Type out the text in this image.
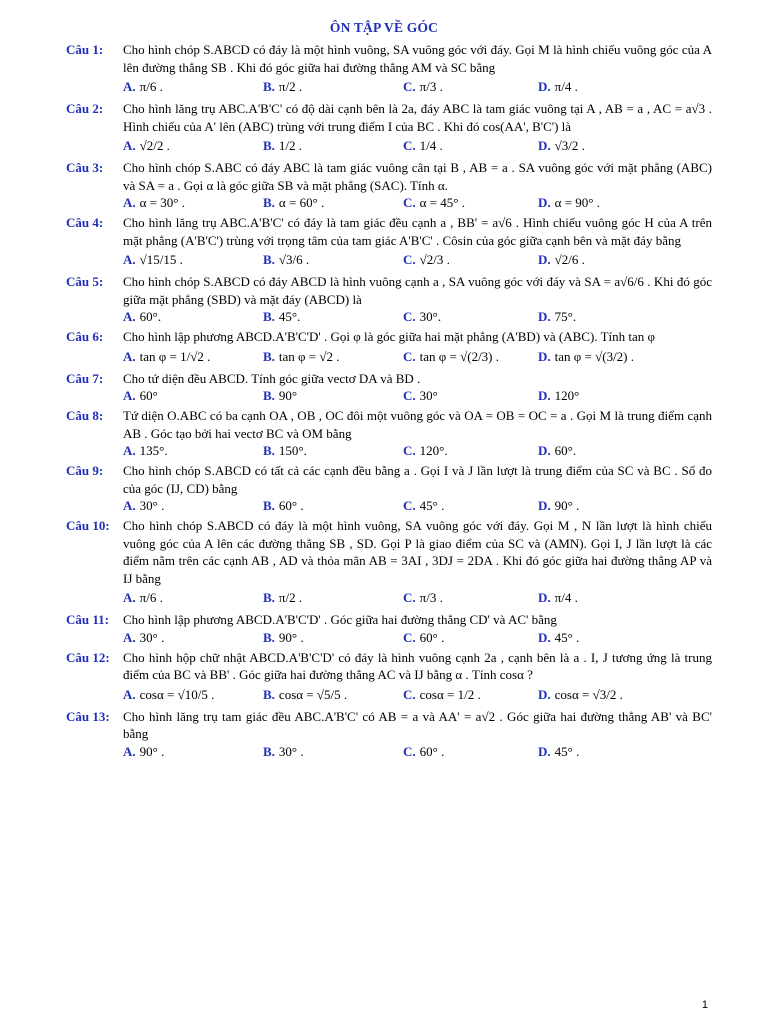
ÔN TẬP VỀ GÓC
Câu 1: Cho hình chóp S.ABCD có đáy là một hình vuông, SA vuông góc với đáy. Gọi M là hình chiếu vuông góc của A lên đường thẳng SB . Khi đó góc giữa hai đường thẳng AM và SC bằng
A. π/6 .	B. π/2 .	C. π/3 .	D. π/4 .
Câu 2: Cho hình lăng trụ ABC.A'B'C' có độ dài cạnh bên là 2a, đáy ABC là tam giác vuông tại A , AB = a , AC = a√3 . Hình chiếu của A' lên (ABC) trùng với trung điểm I của BC . Khi đó cos(AA', B'C') là
A. √2/2 .	B. 1/2 .	C. 1/4 .	D. √3/2 .
Câu 3: Cho hình chóp S.ABC có đáy ABC là tam giác vuông cân tại B , AB = a . SA vuông góc với mặt phẳng (ABC) và SA = a . Gọi α là góc giữa SB và mặt phẳng (SAC). Tính α.
A. α = 30° .	B. α = 60° .	C. α = 45° .	D. α = 90° .
Câu 4: Cho hình lăng trụ ABC.A'B'C' có đáy là tam giác đều cạnh a , BB' = a√6 . Hình chiếu vuông góc H của A trên mặt phẳng (A'B'C') trùng với trọng tâm của tam giác A'B'C' . Côsin của góc giữa cạnh bên và mặt đáy bằng
A. √15/15 .	B. √3/6 .	C. √2/3 .	D. √2/6 .
Câu 5: Cho hình chóp S.ABCD có đáy ABCD là hình vuông cạnh a , SA vuông góc với đáy và SA = a√6/6 . Khi đó góc giữa mặt phẳng (SBD) và mặt đáy (ABCD) là
A. 60°.	B. 45°.	C. 30°.	D. 75°.
Câu 6: Cho hình lập phương ABCD.A'B'C'D' . Gọi φ là góc giữa hai mặt phẳng (A'BD) và (ABC). Tính tan φ
A. tan φ = 1/√2 .	B. tan φ = √2 .	C. tan φ = √(2/3) .	D. tan φ = √(3/2) .
Câu 7: Cho tứ diện đều ABCD. Tính góc giữa vectơ DA và BD .
A. 60°	B. 90°	C. 30°	D. 120°
Câu 8: Tứ diện O.ABC có ba cạnh OA , OB , OC đôi một vuông góc và OA = OB = OC = a . Gọi M là trung điểm cạnh AB . Góc tạo bởi hai vectơ BC và OM bằng
A. 135°.	B. 150°.	C. 120°.	D. 60°.
Câu 9: Cho hình chóp S.ABCD có tất cả các cạnh đều bằng a . Gọi I và J lần lượt là trung điểm của SC và BC . Số đo của góc (IJ, CD) bằng
A. 30° .	B. 60° .	C. 45° .	D. 90° .
Câu 10: Cho hình chóp S.ABCD có đáy là một hình vuông, SA vuông góc với đáy. Gọi M , N lần lượt là hình chiếu vuông góc của A lên các đường thẳng SB , SD. Gọi P là giao điểm của SC và (AMN). Gọi I, J lần lượt là các điểm nằm trên các cạnh AB , AD và thỏa mãn AB = 3AI , 3DJ = 2DA . Khi đó góc giữa hai đường thẳng AP và IJ bằng
A. π/6 .	B. π/2 .	C. π/3 .	D. π/4 .
Câu 11: Cho hình lập phương ABCD.A'B'C'D' . Góc giữa hai đường thẳng CD' và AC' bằng
A. 30° .	B. 90° .	C. 60° .	D. 45° .
Câu 12: Cho hình hộp chữ nhật ABCD.A'B'C'D' có đáy là hình vuông cạnh 2a , cạnh bên là a . I, J tương ứng là trung điểm của BC và BB' . Góc giữa hai đường thẳng AC và IJ bằng α . Tính cosα ?
A. cosα = √10/5 .	B. cosα = √5/5 .	C. cosα = 1/2 .	D. cosα = √3/2 .
Câu 13: Cho hình lăng trụ tam giác đều ABC.A'B'C' có AB = a và AA' = a√2 . Góc giữa hai đường thẳng AB' và BC' bằng
A. 90° .	B. 30° .	C. 60° .	D. 45° .
1
